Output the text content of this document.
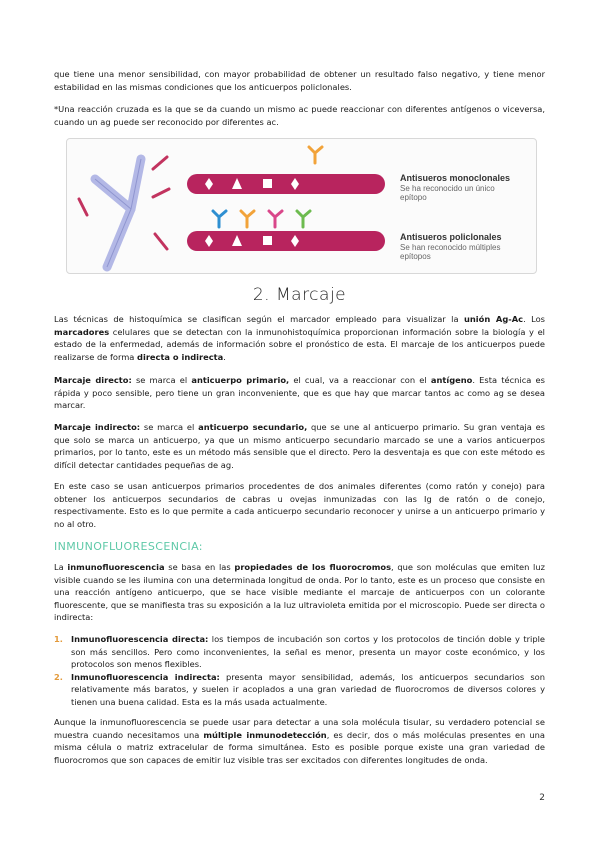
que tiene una menor sensibilidad, con mayor probabilidad de obtener un resultado falso negativo, y tiene menor estabilidad en las mismas condiciones que los anticuerpos policlonales.

*Una reacción cruzada es la que se da cuando un mismo ac puede reaccionar con diferentes antígenos o viceversa, cuando un ag puede ser reconocido por diferentes ac.

Antisueros monoclonales
Se ha reconocido un único
epítopo
Antisueros policlonales
Se han reconocido múltiples
epítopos
2. Marcaje

Las técnicas de histoquímica se clasifican según el marcador empleado para visualizar la unión Ag-Ac. Los marcadores celulares que se detectan con la inmunohistoquímica proporcionan información sobre la biología y el estado de la enfermedad, además de información sobre el pronóstico de esta. El marcaje de los anticuerpos puede realizarse de forma directa o indirecta.

Marcaje directo: se marca el anticuerpo primario, el cual, va a reaccionar con el antígeno. Esta técnica es rápida y poco sensible, pero tiene un gran inconveniente, que es que hay que marcar tantos ac como ag se desea marcar.

Marcaje indirecto: se marca el anticuerpo secundario, que se une al anticuerpo primario. Su gran ventaja es que solo se marca un anticuerpo, ya que un mismo anticuerpo secundario marcado se une a varios anticuerpos primarios, por lo tanto, este es un método más sensible que el directo. Pero la desventaja es que con este método es difícil detectar cantidades pequeñas de ag.

En este caso se usan anticuerpos primarios procedentes de dos animales diferentes (como ratón y conejo) para obtener los anticuerpos secundarios de cabras u ovejas inmunizadas con las Ig de ratón o de conejo, respectivamente. Esto es lo que permite a cada anticuerpo secundario reconocer y unirse a un anticuerpo primario y no al otro.

INMUNOFLUORESCENCIA:

La inmunofluorescencia se basa en las propiedades de los fluorocromos, que son moléculas que emiten luz visible cuando se les ilumina con una determinada longitud de onda. Por lo tanto, este es un proceso que consiste en una reacción antígeno anticuerpo, que se hace visible mediante el marcaje de anticuerpos con un colorante fluorescente, que se manifiesta tras su exposición a la luz ultravioleta emitida por el microscopio. Puede ser directa o indirecta:

1. Inmunofluorescencia directa: los tiempos de incubación son cortos y los protocolos de tinción doble y triple son más sencillos. Pero como inconvenientes, la señal es menor, presenta un mayor coste económico, y los protocolos son menos flexibles.

2. Inmunofluorescencia indirecta: presenta mayor sensibilidad, además, los anticuerpos secundarios son relativamente más baratos, y suelen ir acoplados a una gran variedad de fluorocromos de diversos colores y tienen una buena calidad. Esta es la más usada actualmente.

Aunque la inmunofluorescencia se puede usar para detectar a una sola molécula tisular, su verdadero potencial se muestra cuando necesitamos una múltiple inmunodetección, es decir, dos o más moléculas presentes en una misma célula o matriz extracelular de forma simultánea. Esto es posible porque existe una gran variedad de fluorocromos que son capaces de emitir luz visible tras ser excitados con diferentes longitudes de onda.

2
